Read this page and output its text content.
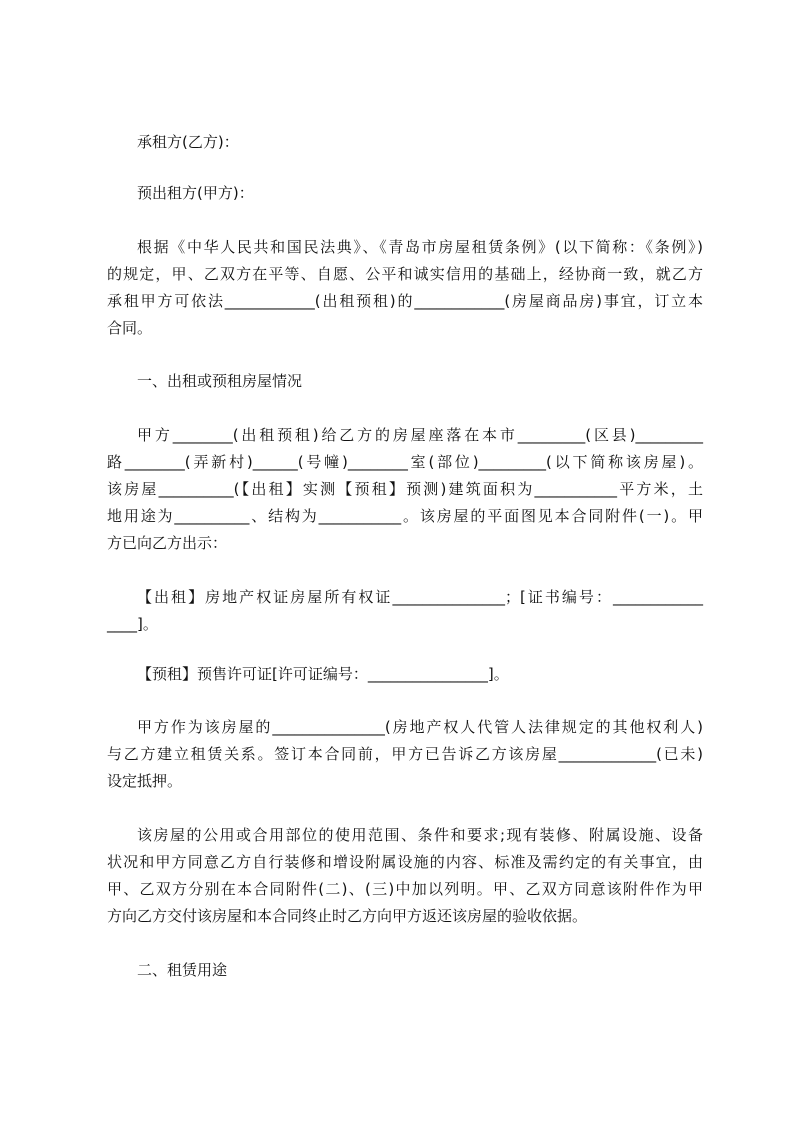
承租方(乙方)：
预出租方(甲方)：
根据《中华人民共和国民法典》、《青岛市房屋租赁条例》(以下简称：《条例》)
的规定，甲、乙双方在平等、自愿、公平和诚实信用的基础上，经协商一致，就乙方
承租甲方可依法____________(出租预租)的____________(房屋商品房)事宜，订立本
合同。
一、出租或预租房屋情况
甲方________(出租预租)给乙方的房屋座落在本市_________(区县)_________
路________(弄新村)______(号幢)________室(部位)_________(以下简称该房屋)。
该房屋__________(【出租】实测【预租】预测)建筑面积为___________平方米，土
地用途为__________、结构为___________。该房屋的平面图见本合同附件(一)。甲
方已向乙方出示：
【出租】房地产权证房屋所有权证_______________；[证书编号：____________
____]。
【预租】预售许可证[许可证编号：________________]。
甲方作为该房屋的_______________(房地产权人代管人法律规定的其他权利人)
与乙方建立租赁关系。签订本合同前，甲方已告诉乙方该房屋_____________(已未)
设定抵押。
该房屋的公用或合用部位的使用范围、条件和要求;现有装修、附属设施、设备
状况和甲方同意乙方自行装修和增设附属设施的内容、标准及需约定的有关事宜，由
甲、乙双方分别在本合同附件(二)、(三)中加以列明。甲、乙双方同意该附件作为甲
方向乙方交付该房屋和本合同终止时乙方向甲方返还该房屋的验收依据。
二、租赁用途
